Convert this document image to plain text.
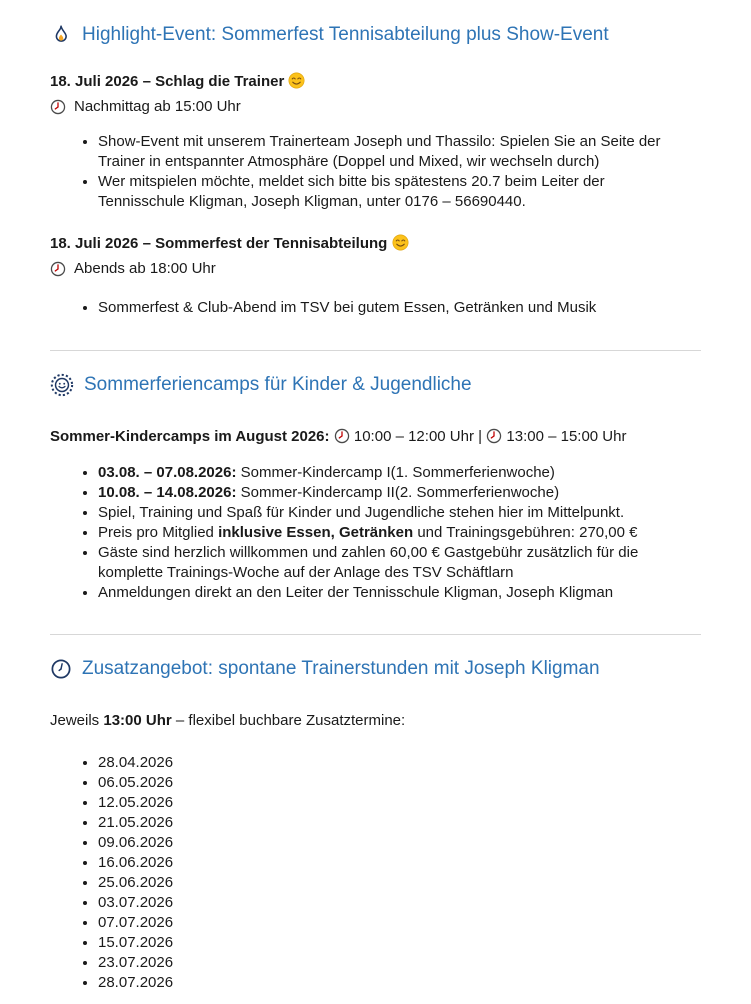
Highlight-Event: Sommerfest Tennisabteilung plus Show-Event

18. Juli 2026 – Schlag die Trainer

Nachmittag ab 15:00 Uhr

• Show-Event mit unserem Trainerteam Joseph und Thassilo: Spielen Sie an Seite der Trainer in entspannter Atmosphäre (Doppel und Mixed, wir wechseln durch)
• Wer mitspielen möchte, meldet sich bitte bis spätestens 20.7 beim Leiter der Tennisschule Kligman, Joseph Kligman, unter 0176 – 56690440.

18. Juli 2026 – Sommerfest der Tennisabteilung

Abends ab 18:00 Uhr

• Sommerfest & Club-Abend im TSV bei gutem Essen, Getränken und Musik
Sommerferiencamps für Kinder & Jugendliche

Sommer-Kindercamps im August 2026: 10:00 – 12:00 Uhr | 13:00 – 15:00 Uhr

• 03.08. – 07.08.2026: Sommer-Kindercamp I(1. Sommerferienwoche)
• 10.08. – 14.08.2026: Sommer-Kindercamp II(2. Sommerferienwoche)
• Spiel, Training und Spaß für Kinder und Jugendliche stehen hier im Mittelpunkt.
• Preis pro Mitglied inklusive Essen, Getränken und Trainingsgebühren: 270,00 €
• Gäste sind herzlich willkommen und zahlen 60,00 € Gastgebühr zusätzlich für die komplette Trainings-Woche auf der Anlage des TSV Schäftlarn
• Anmeldungen direkt an den Leiter der Tennisschule Kligman, Joseph Kligman
Zusatzangebot: spontane Trainerstunden mit Joseph Kligman

Jeweils 13:00 Uhr – flexibel buchbare Zusatztermine:

• 28.04.2026
• 06.05.2026
• 12.05.2026
• 21.05.2026
• 09.06.2026
• 16.06.2026
• 25.06.2026
• 03.07.2026
• 07.07.2026
• 15.07.2026
• 23.07.2026
• 28.07.2026
